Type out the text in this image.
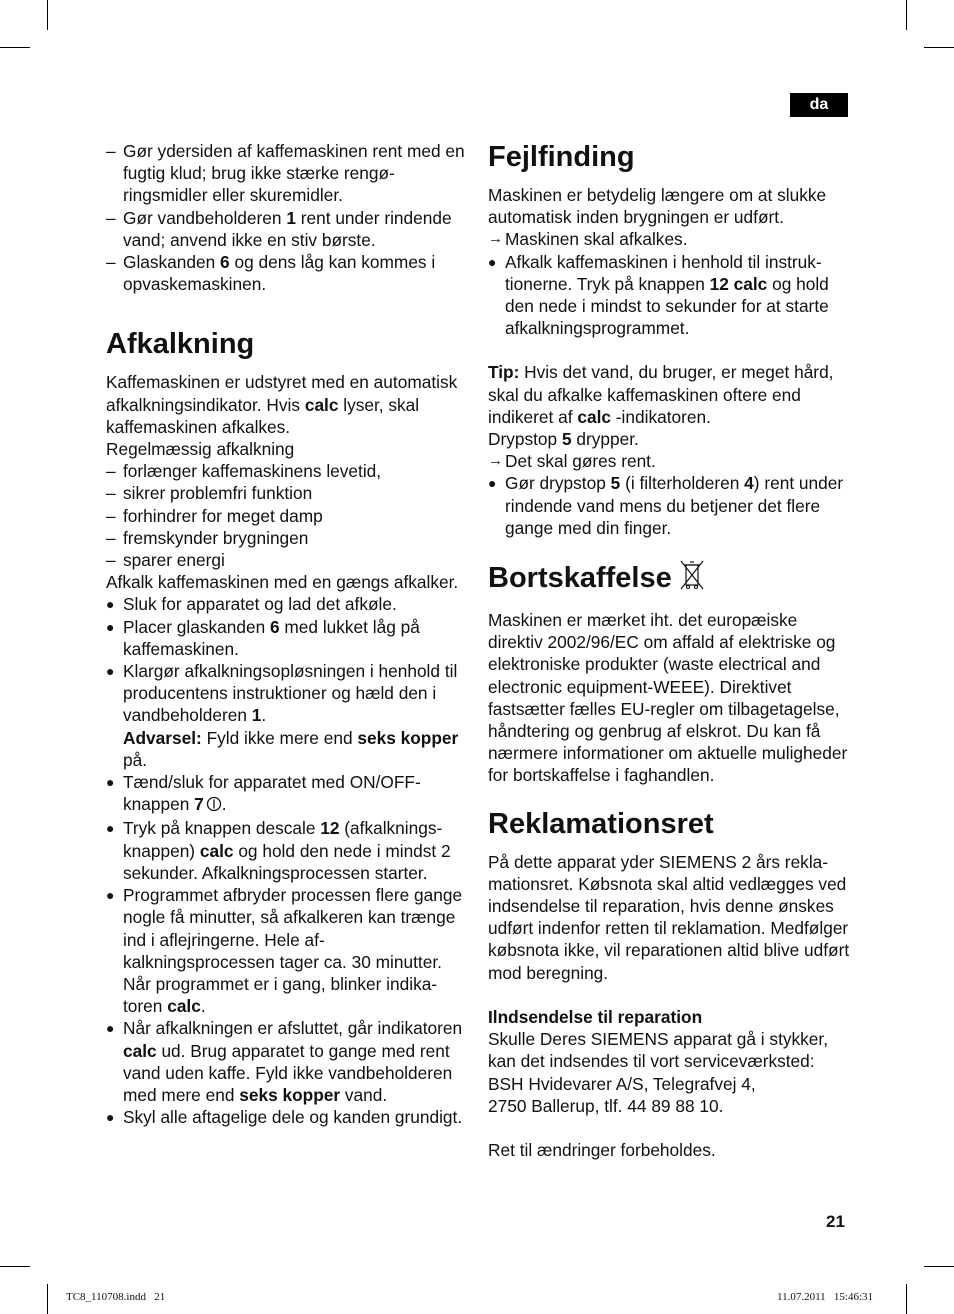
da

– Gør ydersiden af kaffemaskinen rent med en fugtig klud; brug ikke stærke rengøringsmidler eller skuremidler.

– Gør vandbeholderen 1 rent under rindende vand; anvend ikke en stiv børste.

– Glaskanden 6 og dens låg kan kommes i opvaskemaskinen.

Afkalkning

Kaffemaskinen er udstyret med en automatisk afkalkningsindikator. Hvis calc lyser, skal kaffemaskinen afkalkes.

Regelmæssig afkalkning

– forlænger kaffemaskinens levetid,

– sikrer problemfri funktion

– forhindrer for meget damp

– fremskynder brygningen

– sparer energi

Afkalk kaffemaskinen med en gængs afkalker.

● Sluk for apparatet og lad det afkøle.

● Placer glaskanden 6 med lukket låg på kaffemaskinen.

● Klargør afkalkningsopløsningen i henhold til producentens instruktioner og hæld den i vandbeholderen 1.
Advarsel: Fyld ikke mere end seks kopper på.

● Tænd/sluk for apparatet med ON/OFF-knappen 7 .

● Tryk på knappen descale 12 (afkalkningsknappen) calc og hold den nede i mindst 2 sekunder. Afkalkningsprocessen starter.

● Programmet afbryder processen flere gange nogle få minutter, så afkalkeren kan trænge ind i aflejringerne. Hele afkalkningsprocessen tager ca. 30 minutter. Når programmet er i gang, blinker indikatoren calc.

● Når afkalkningen er afsluttet, går indikatoren calc ud. Brug apparatet to gange med rent vand uden kaffe. Fyld ikke vandbeholderen med mere end seks kopper vand.

● Skyl alle aftagelige dele og kanden grundigt.

Fejlfinding

Maskinen er betydelig længere om at slukke automatisk inden brygningen er udført.

→ Maskinen skal afkalkes.

● Afkalk kaffemaskinen i henhold til instruktionerne. Tryk på knappen 12 calc og hold den nede i mindst to sekunder for at starte afkalkningsprogrammet.

Tip: Hvis det vand, du bruger, er meget hård, skal du afkalke kaffemaskinen oftere end indikeret af calc -indikatoren.

Drypstop 5 drypper.

→ Det skal gøres rent.

● Gør drypstop 5 (i filterholderen 4) rent under rindende vand mens du betjener det flere gange med din finger.

Bortskaffelse

Maskinen er mærket iht. det europæiske direktiv 2002/96/EC om affald af elektriske og elektroniske produkter (waste electrical and electronic equipment-WEEE). Direktivet fastsætter fælles EU-regler om tilbagetagelse, håndtering og genbrug af elskrot. Du kan få nærmere informationer om aktuelle muligheder for bortskaffelse i faghandlen.

Reklamationsret

På dette apparat yder SIEMENS 2 års reklamationsret. Købsnota skal altid vedlægges ved indsendelse til reparation, hvis denne ønskes udført indenfor retten til reklamation. Medfølger købsnota ikke, vil reparationen altid blive udført mod beregning.

Ilndsendelse til reparation

Skulle Deres SIEMENS apparat gå i stykker, kan det indsendes til vort serviceværksted:

BSH Hvidevarer A/S, Telegrafvej 4,

2750 Ballerup, tlf. 44 89 88 10.

Ret til ændringer forbeholdes.

21
TC8_110708.indd   21	11.07.2011   15:46:31
